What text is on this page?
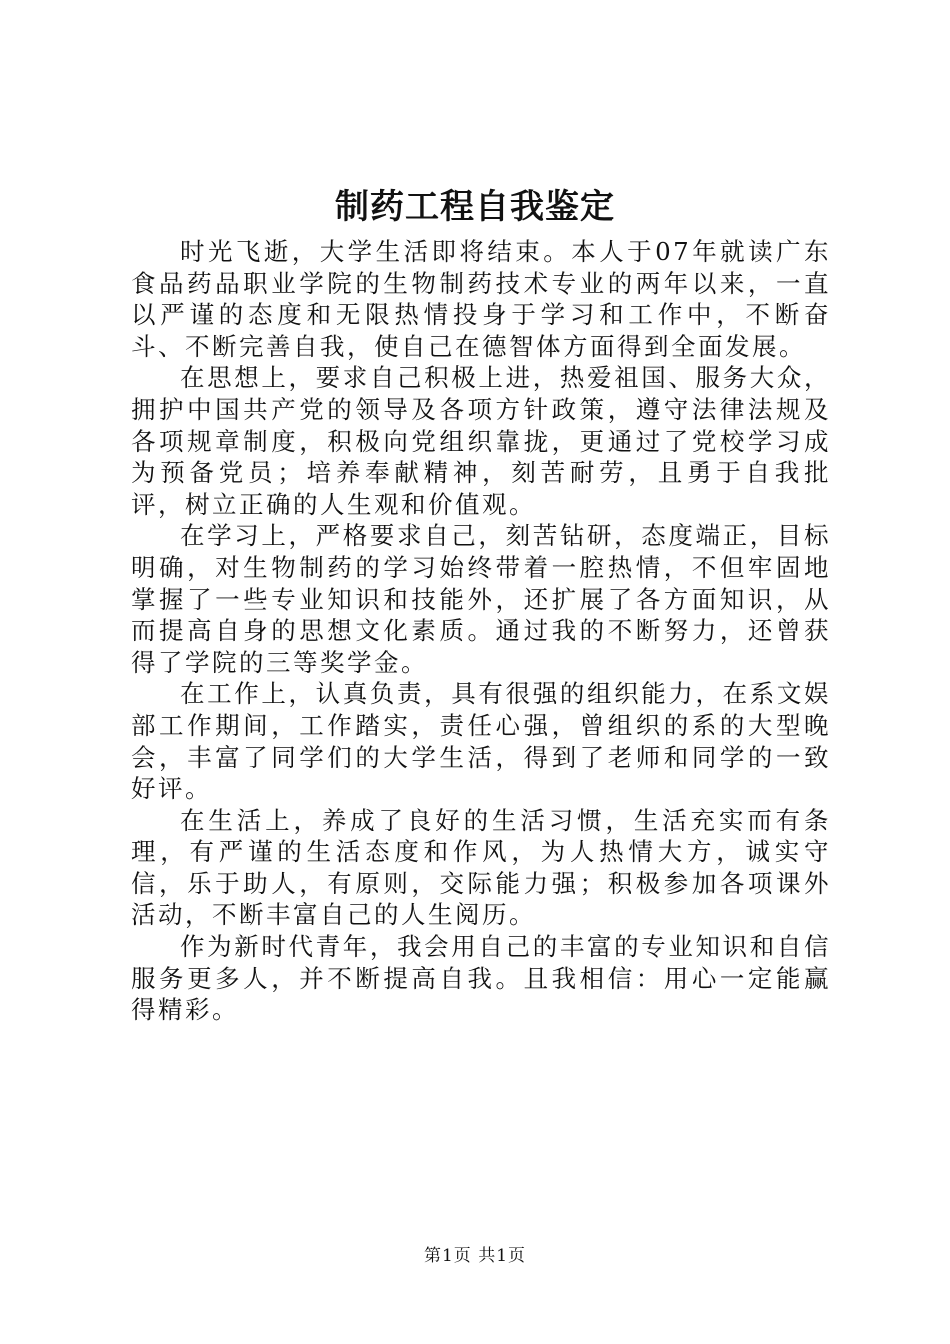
制药工程自我鉴定

时光飞逝，大学生活即将结束。本人于07年就读广东食品药品职业学院的生物制药技术专业的两年以来，一直以严谨的态度和无限热情投身于学习和工作中，不断奋斗、不断完善自我，使自己在德智体方面得到全面发展。

在思想上，要求自己积极上进，热爱祖国、服务大众，拥护中国共产党的领导及各项方针政策，遵守法律法规及各项规章制度，积极向党组织靠拢，更通过了党校学习成为预备党员；培养奉献精神，刻苦耐劳，且勇于自我批评，树立正确的人生观和价值观。

在学习上，严格要求自己，刻苦钻研，态度端正，目标明确，对生物制药的学习始终带着一腔热情，不但牢固地掌握了一些专业知识和技能外，还扩展了各方面知识，从而提高自身的思想文化素质。通过我的不断努力，还曾获得了学院的三等奖学金。

在工作上，认真负责，具有很强的组织能力，在系文娱部工作期间，工作踏实，责任心强，曾组织的系的大型晚会，丰富了同学们的大学生活，得到了老师和同学的一致好评。

在生活上，养成了良好的生活习惯，生活充实而有条理，有严谨的生活态度和作风，为人热情大方，诚实守信，乐于助人，有原则，交际能力强；积极参加各项课外活动，不断丰富自己的人生阅历。

作为新时代青年，我会用自己的丰富的专业知识和自信服务更多人，并不断提高自我。且我相信：用心一定能赢得精彩。

第1页 共1页
